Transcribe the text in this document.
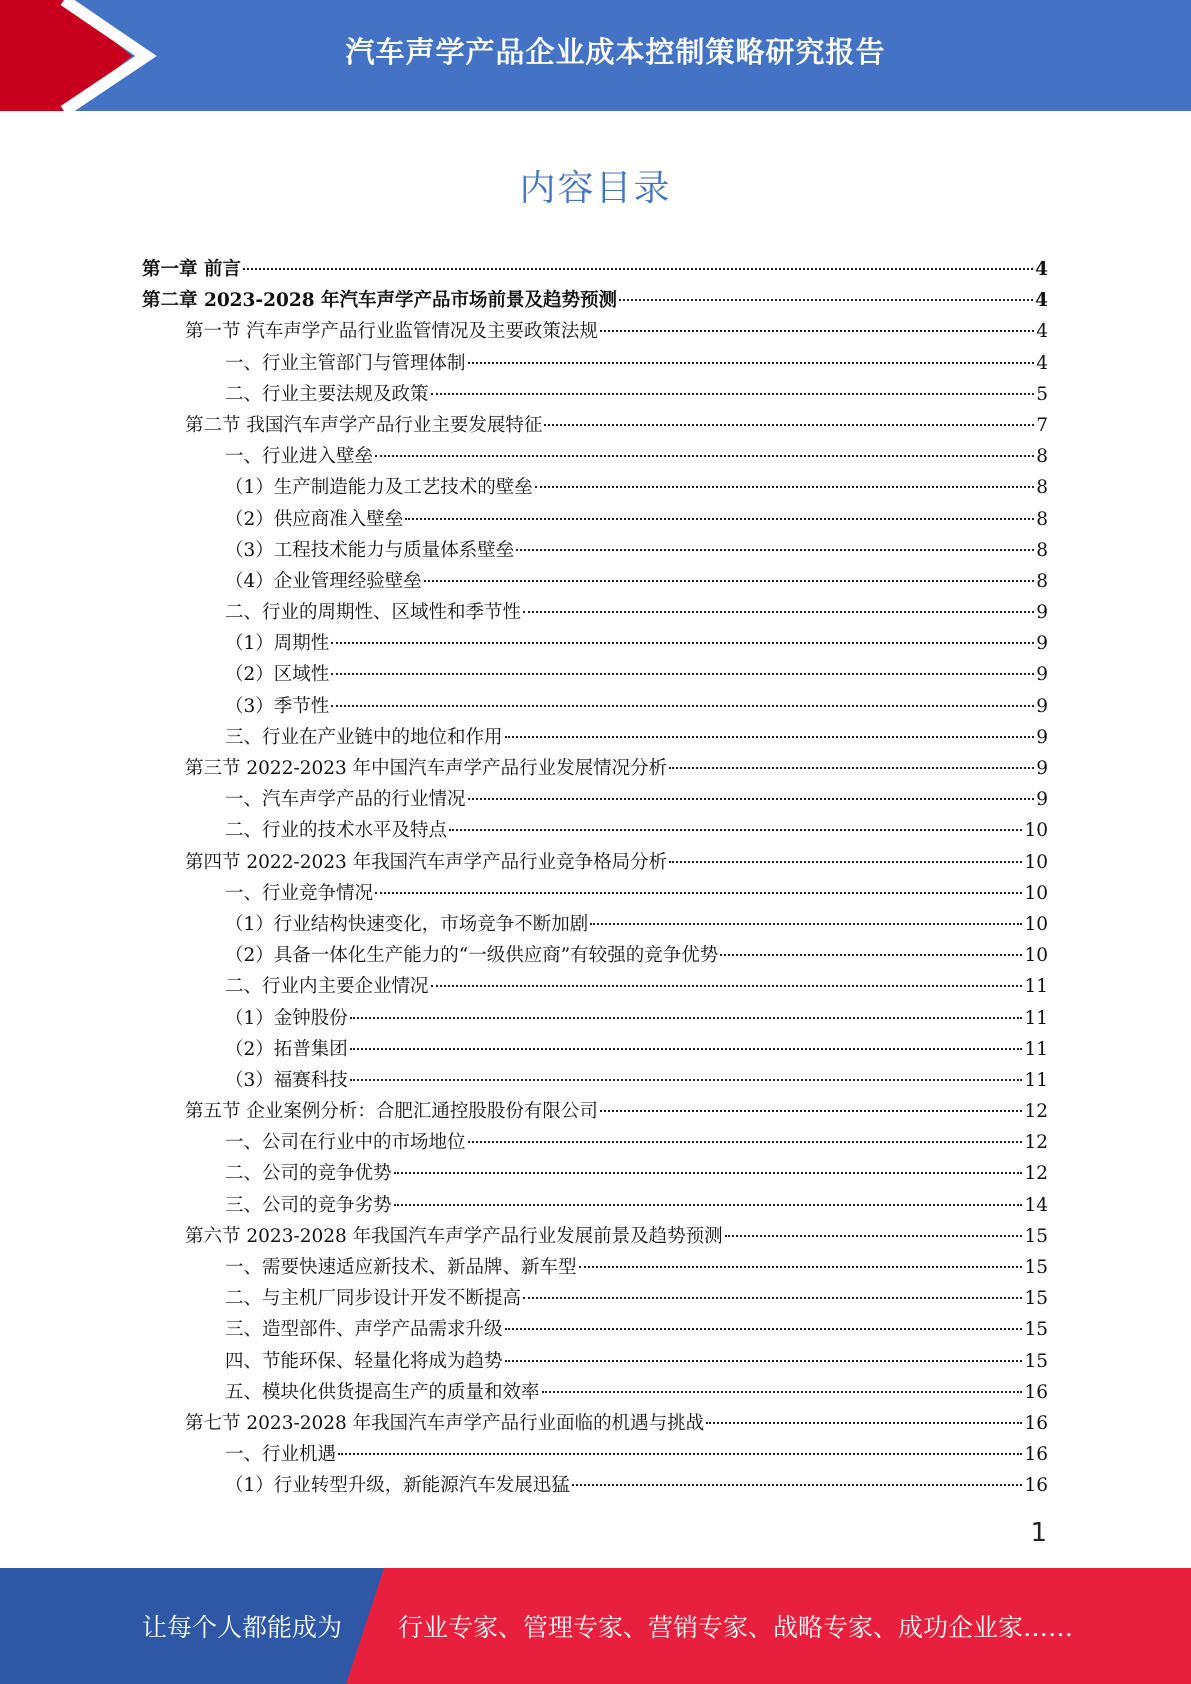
汽车声学产品企业成本控制策略研究报告
内容目录
第一章 前言	4
第二章 2023-2028 年汽车声学产品市场前景及趋势预测	4
第一节 汽车声学产品行业监管情况及主要政策法规	4
一、行业主管部门与管理体制	4
二、行业主要法规及政策	5
第二节 我国汽车声学产品行业主要发展特征	7
一、行业进入壁垒	8
（1）生产制造能力及工艺技术的壁垒	8
（2）供应商准入壁垒	8
（3）工程技术能力与质量体系壁垒	8
（4）企业管理经验壁垒	8
二、行业的周期性、区域性和季节性	9
（1）周期性	9
（2）区域性	9
（3）季节性	9
三、行业在产业链中的地位和作用	9
第三节 2022-2023 年中国汽车声学产品行业发展情况分析	9
一、汽车声学产品的行业情况	9
二、行业的技术水平及特点	10
第四节 2022-2023 年我国汽车声学产品行业竞争格局分析	10
一、行业竞争情况	10
（1）行业结构快速变化，市场竞争不断加剧	10
（2）具备一体化生产能力的“一级供应商”有较强的竞争优势	10
二、行业内主要企业情况	11
（1）金钟股份	11
（2）拓普集团	11
（3）福赛科技	11
第五节 企业案例分析：合肥汇通控股股份有限公司	12
一、公司在行业中的市场地位	12
二、公司的竞争优势	12
三、公司的竞争劣势	14
第六节 2023-2028 年我国汽车声学产品行业发展前景及趋势预测	15
一、需要快速适应新技术、新品牌、新车型	15
二、与主机厂同步设计开发不断提高	15
三、造型部件、声学产品需求升级	15
四、节能环保、轻量化将成为趋势	15
五、模块化供货提高生产的质量和效率	16
第七节 2023-2028 年我国汽车声学产品行业面临的机遇与挑战	16
一、行业机遇	16
（1）行业转型升级，新能源汽车发展迅猛	16
1
让每个人都能成为 行业专家、管理专家、营销专家、战略专家、成功企业家……
